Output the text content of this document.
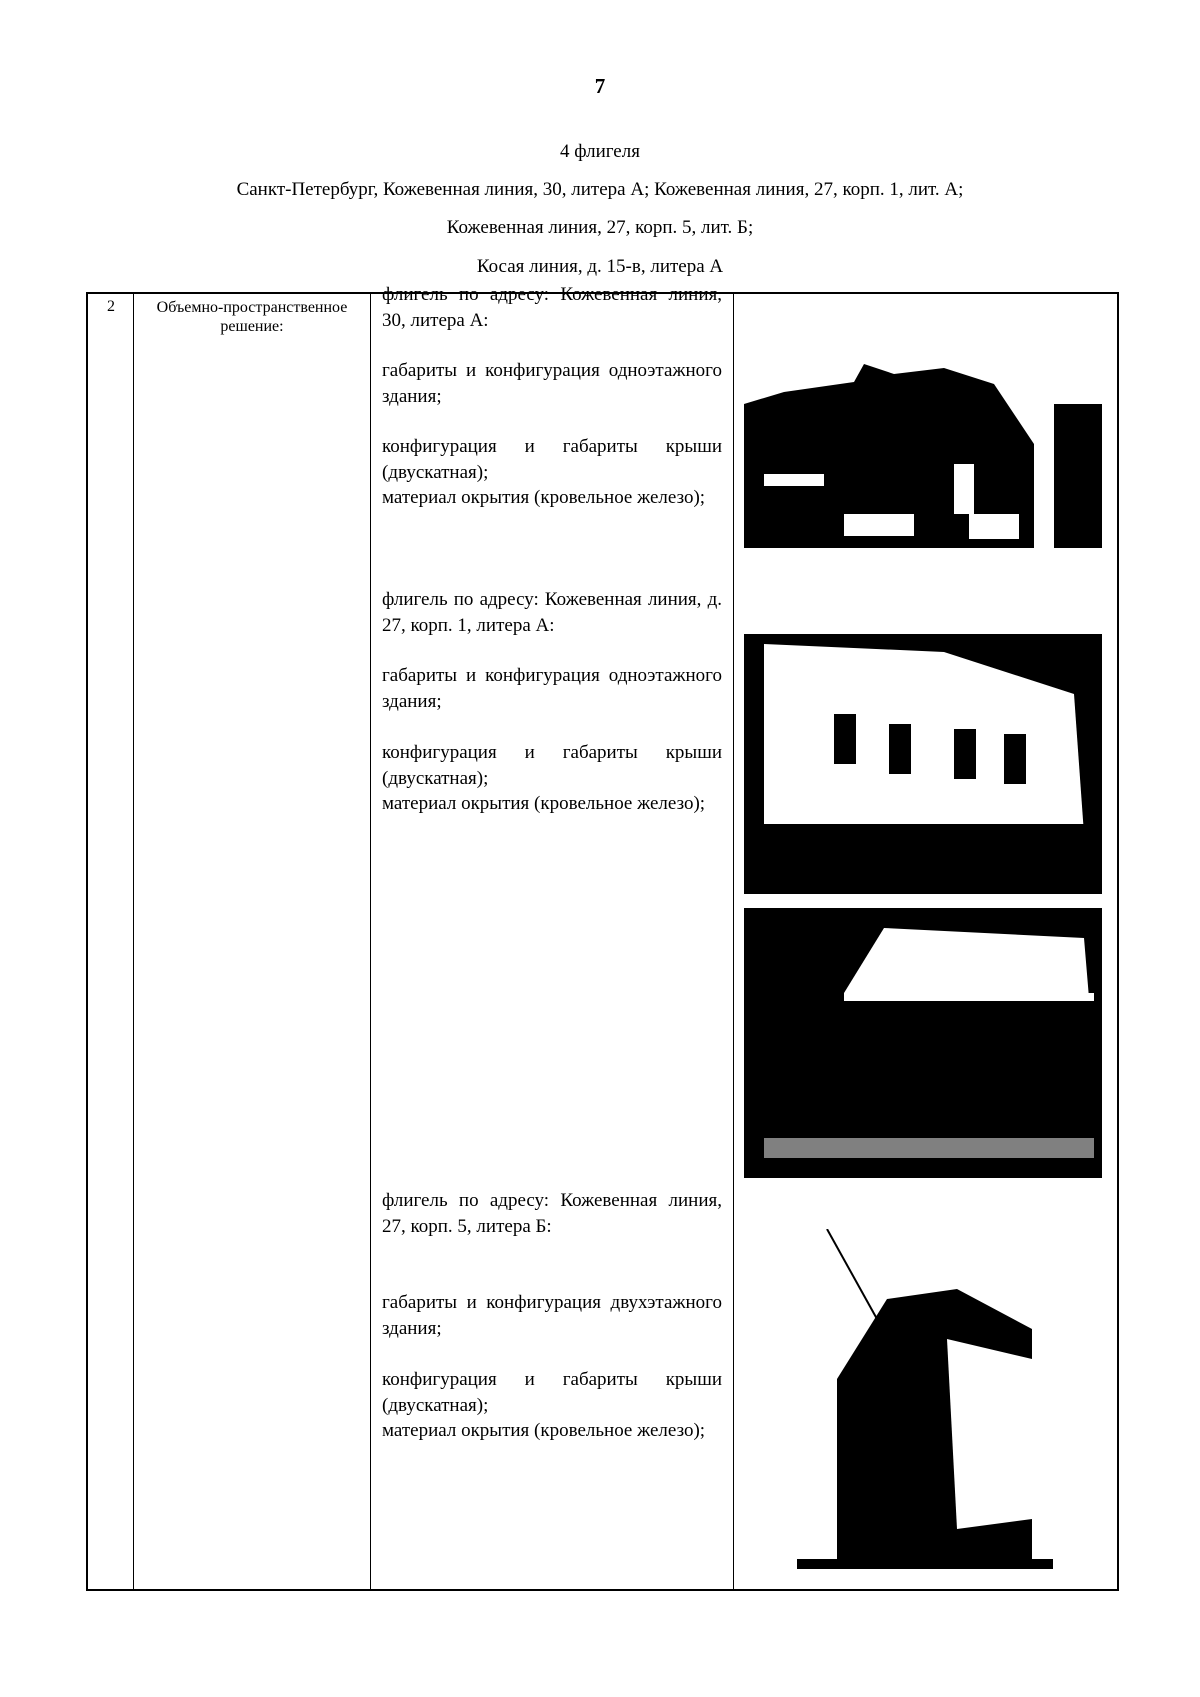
7
4 флигеля
Санкт-Петербург, Кожевенная линия, 30, литера А; Кожевенная линия, 27, корп. 1, лит. А;
Кожевенная линия, 27, корп. 5, лит. Б;
Косая линия, д. 15-в, литера А
2	Объемно-пространственное решение:
флигель по адресу: Кожевенная линия, 30, литера А:
габариты и конфигурация одноэтажного здания;
конфигурация и габариты крыши (двускатная);
материал окрытия (кровельное железо);
флигель по адресу: Кожевенная линия, д. 27, корп. 1, литера А:
габариты и конфигурация одноэтажного здания;
конфигурация и габариты крыши (двускатная);
материал окрытия (кровельное железо);
флигель по адресу: Кожевенная линия, 27, корп. 5, литера Б:
габариты и конфигурация двухэтажного здания;
конфигурация и габариты крыши (двускатная);
материал окрытия (кровельное железо);
